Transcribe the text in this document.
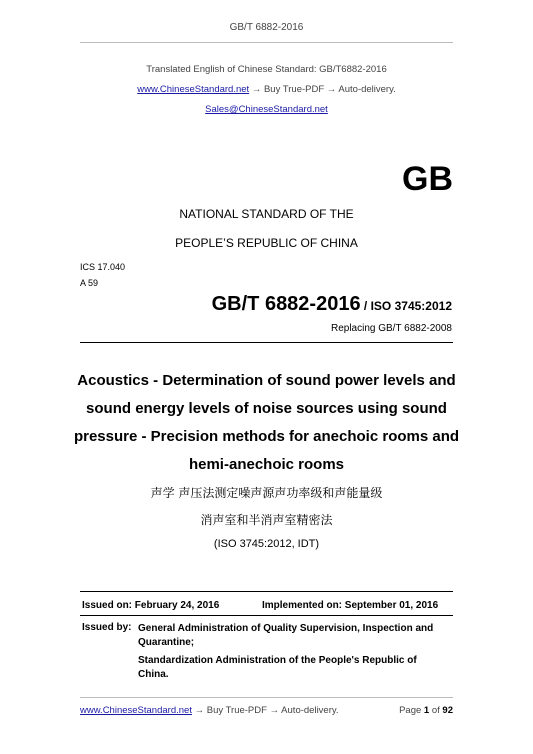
GB/T 6882-2016
Translated English of Chinese Standard: GB/T6882-2016
www.ChineseStandard.net → Buy True-PDF → Auto-delivery.
Sales@ChineseStandard.net
GB
NATIONAL STANDARD OF THE
PEOPLE’S REPUBLIC OF CHINA
ICS 17.040
A 59
GB/T 6882-2016 / ISO 3745:2012
Replacing GB/T 6882-2008
Acoustics - Determination of sound power levels and
sound energy levels of noise sources using sound
pressure - Precision methods for anechoic rooms and
hemi-anechoic rooms
声学 声压法测定噪声源声功率级和声能量级
消声室和半消声室精密法
(ISO 3745:2012, IDT)
Issued on: February 24, 2016	Implemented on: September 01, 2016
Issued by: General Administration of Quality Supervision, Inspection and
Quarantine;
Standardization Administration of the People's Republic of
China.
www.ChineseStandard.net → Buy True-PDF → Auto-delivery.	Page 1 of 92
